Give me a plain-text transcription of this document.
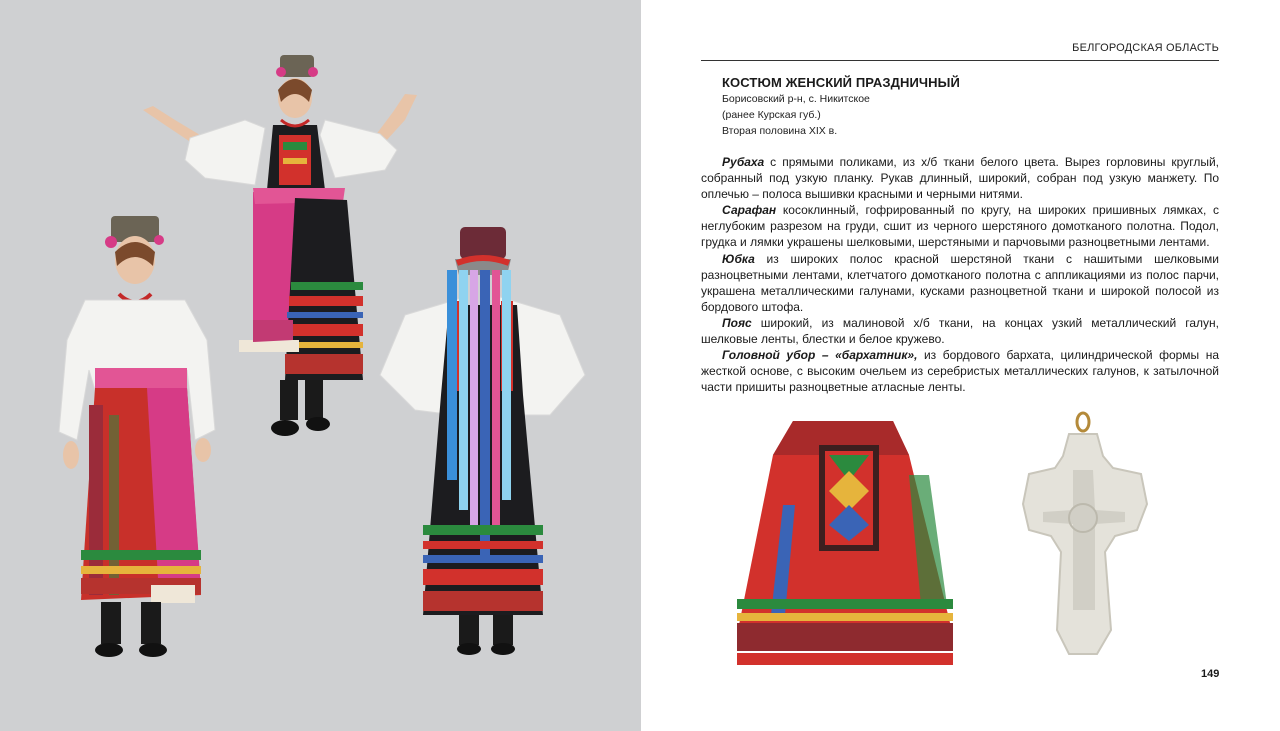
БЕЛГОРОДСКАЯ ОБЛАСТЬ
КОСТЮМ ЖЕНСКИЙ ПРАЗДНИЧНЫЙ
Борисовский р-н, с. Никитское
(ранее Курская губ.)
Вторая половина XIX в.

Рубаха с прямыми поликами, из х/б ткани белого цвета. Вырез горловины круглый, собранный под узкую планку. Рукав длинный, широкий, собран под узкую манжету. По оплечью – полоса вышивки красными и черными нитями.

Сарафан косоклинный, гофрированный по кругу, на широких пришивных лямках, с неглубоким разрезом на груди, сшит из черного шерстяного домотканого полотна. Подол, грудка и лямки украшены шелковыми, шерстяными и парчовыми разноцветными лентами.

Юбка из широких полос красной шерстяной ткани с нашитыми шелковыми разноцветными лентами, клетчатого домотканого полотна с аппликациями из полос парчи, украшена металлическими галунами, кусками разноцветной ткани и широкой полосой из бордового штофа.

Пояс широкий, из малиновой х/б ткани, на концах узкий металлический галун, шелковые ленты, блестки и белое кружево.

Головной убор – «бархатник», из бордового бархата, цилиндрической формы на жесткой основе, с высоким очельем из серебристых металлических галунов, к затылочной части пришиты разноцветные атласные ленты.

149
